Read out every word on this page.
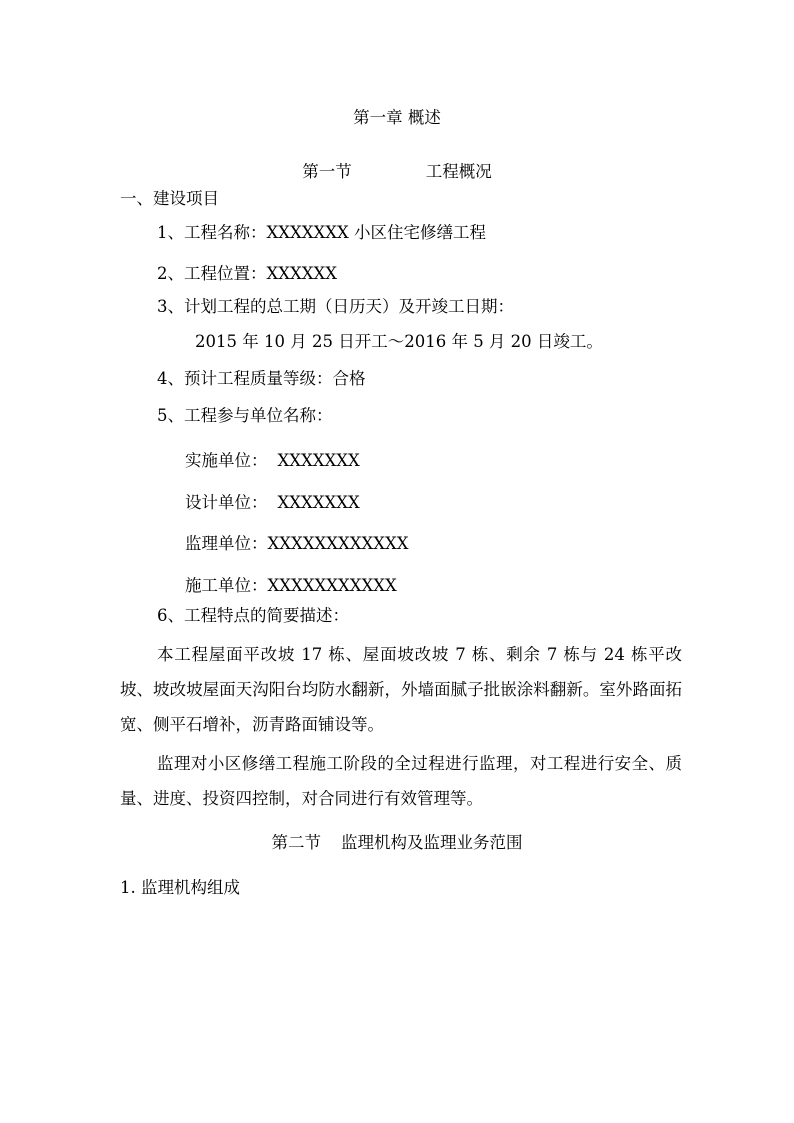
第一章 概述
第一节	工程概况
一、建设项目
1、工程名称：XXXXXXX 小区住宅修缮工程
2、工程位置：XXXXXX
3、计划工程的总工期（日历天）及开竣工日期：
2015 年 10 月 25 日开工～2016 年 5 月 20 日竣工。
4、预计工程质量等级：合格
5、工程参与单位名称：
实施单位： XXXXXXX
设计单位： XXXXXXX
监理单位：XXXXXXXXXXXX
施工单位：XXXXXXXXXXX
6、工程特点的简要描述：
本工程屋面平改坡 17 栋、屋面坡改坡 7 栋、剩余 7 栋与 24 栋平改坡、坡改坡屋面天沟阳台均防水翻新，外墙面腻子批嵌涂料翻新。室外路面拓宽、侧平石增补，沥青路面铺设等。
监理对小区修缮工程施工阶段的全过程进行监理，对工程进行安全、质量、进度、投资四控制，对合同进行有效管理等。
第二节 监理机构及监理业务范围
1. 监理机构组成
